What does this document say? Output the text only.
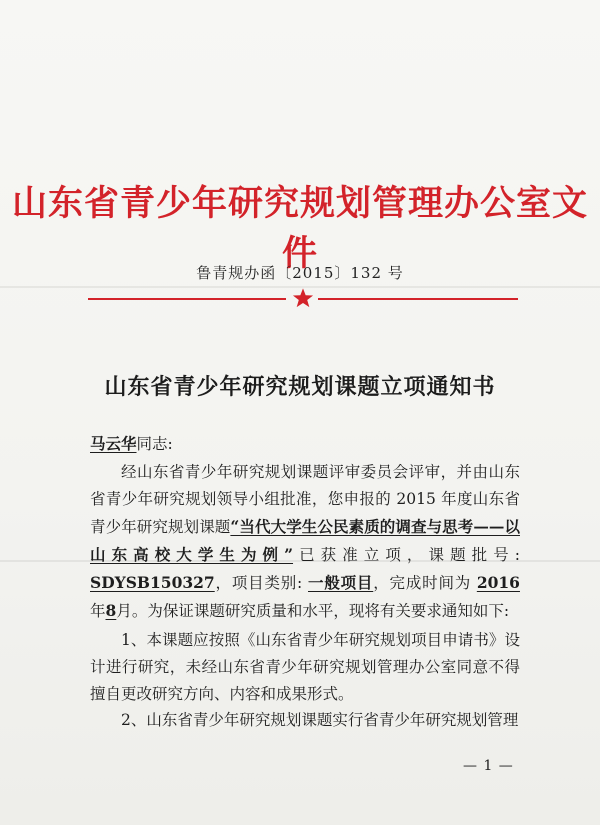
山东省青少年研究规划管理办公室文件
鲁青规办函〔2015〕132 号
山东省青少年研究规划课题立项通知书
马云华同志:
经山东省青少年研究规划课题评审委员会评审，并由山东省青少年研究规划领导小组批准，您申报的 2015 年度山东省青少年研究规划课题“当代大学生公民素质的调查与思考——以山东高校大学生为例”已获准立项，课题批号: SDYSB150327，项目类别: 一般项目，完成时间为 2016年8月。为保证课题研究质量和水平，现将有关要求通知如下:
1、本课题应按照《山东省青少年研究规划项目申请书》设计进行研究，未经山东省青少年研究规划管理办公室同意不得擅自更改研究方向、内容和成果形式。
2、山东省青少年研究规划课题实行省青少年研究规划管理
— 1 —
